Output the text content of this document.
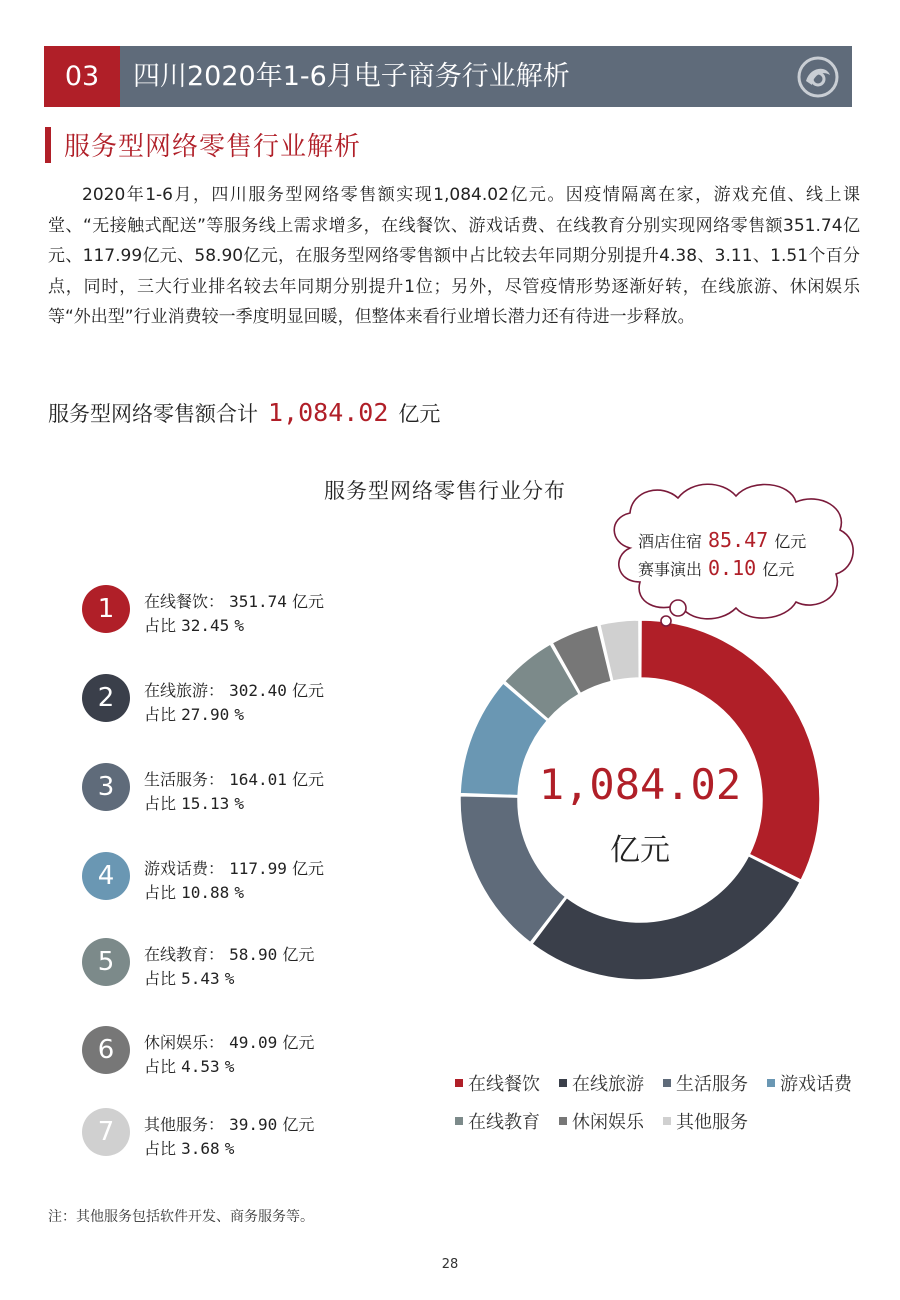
03	四川2020年1-6月电子商务行业解析
服务型网络零售行业解析
2020年1-6月，四川服务型网络零售额实现1,084.02亿元。因疫情隔离在家，游戏充值、线上课堂、“无接触式配送”等服务线上需求增多，在线餐饮、游戏话费、在线教育分别实现网络零售额351.74亿元、117.99亿元、58.90亿元，在服务型网络零售额中占比较去年同期分别提升4.38、3.11、1.51个百分点，同时，三大行业排名较去年同期分别提升1位；另外，尽管疫情形势逐渐好转，在线旅游、休闲娱乐等“外出型”行业消费较一季度明显回暖，但整体来看行业增长潜力还有待进一步释放。
服务型网络零售额合计 1,084.02 亿元
服务型网络零售行业分布
1	在线餐饮： 351.74 亿元
占比 32.45 %
2	在线旅游： 302.40 亿元
占比 27.90 %
3	生活服务： 164.01 亿元
占比 15.13 %
4	游戏话费： 117.99 亿元
占比 10.88 %
5	在线教育： 58.90 亿元
占比 5.43 %
6	休闲娱乐： 49.09 亿元
占比 4.53 %
7	其他服务： 39.90 亿元
占比 3.68 %
1,084.02
亿元
酒店住宿 85.47 亿元
赛事演出 0.10 亿元
在线餐饮	在线旅游	生活服务	游戏话费
在线教育	休闲娱乐	其他服务
注：其他服务包括软件开发、商务服务等。
28
